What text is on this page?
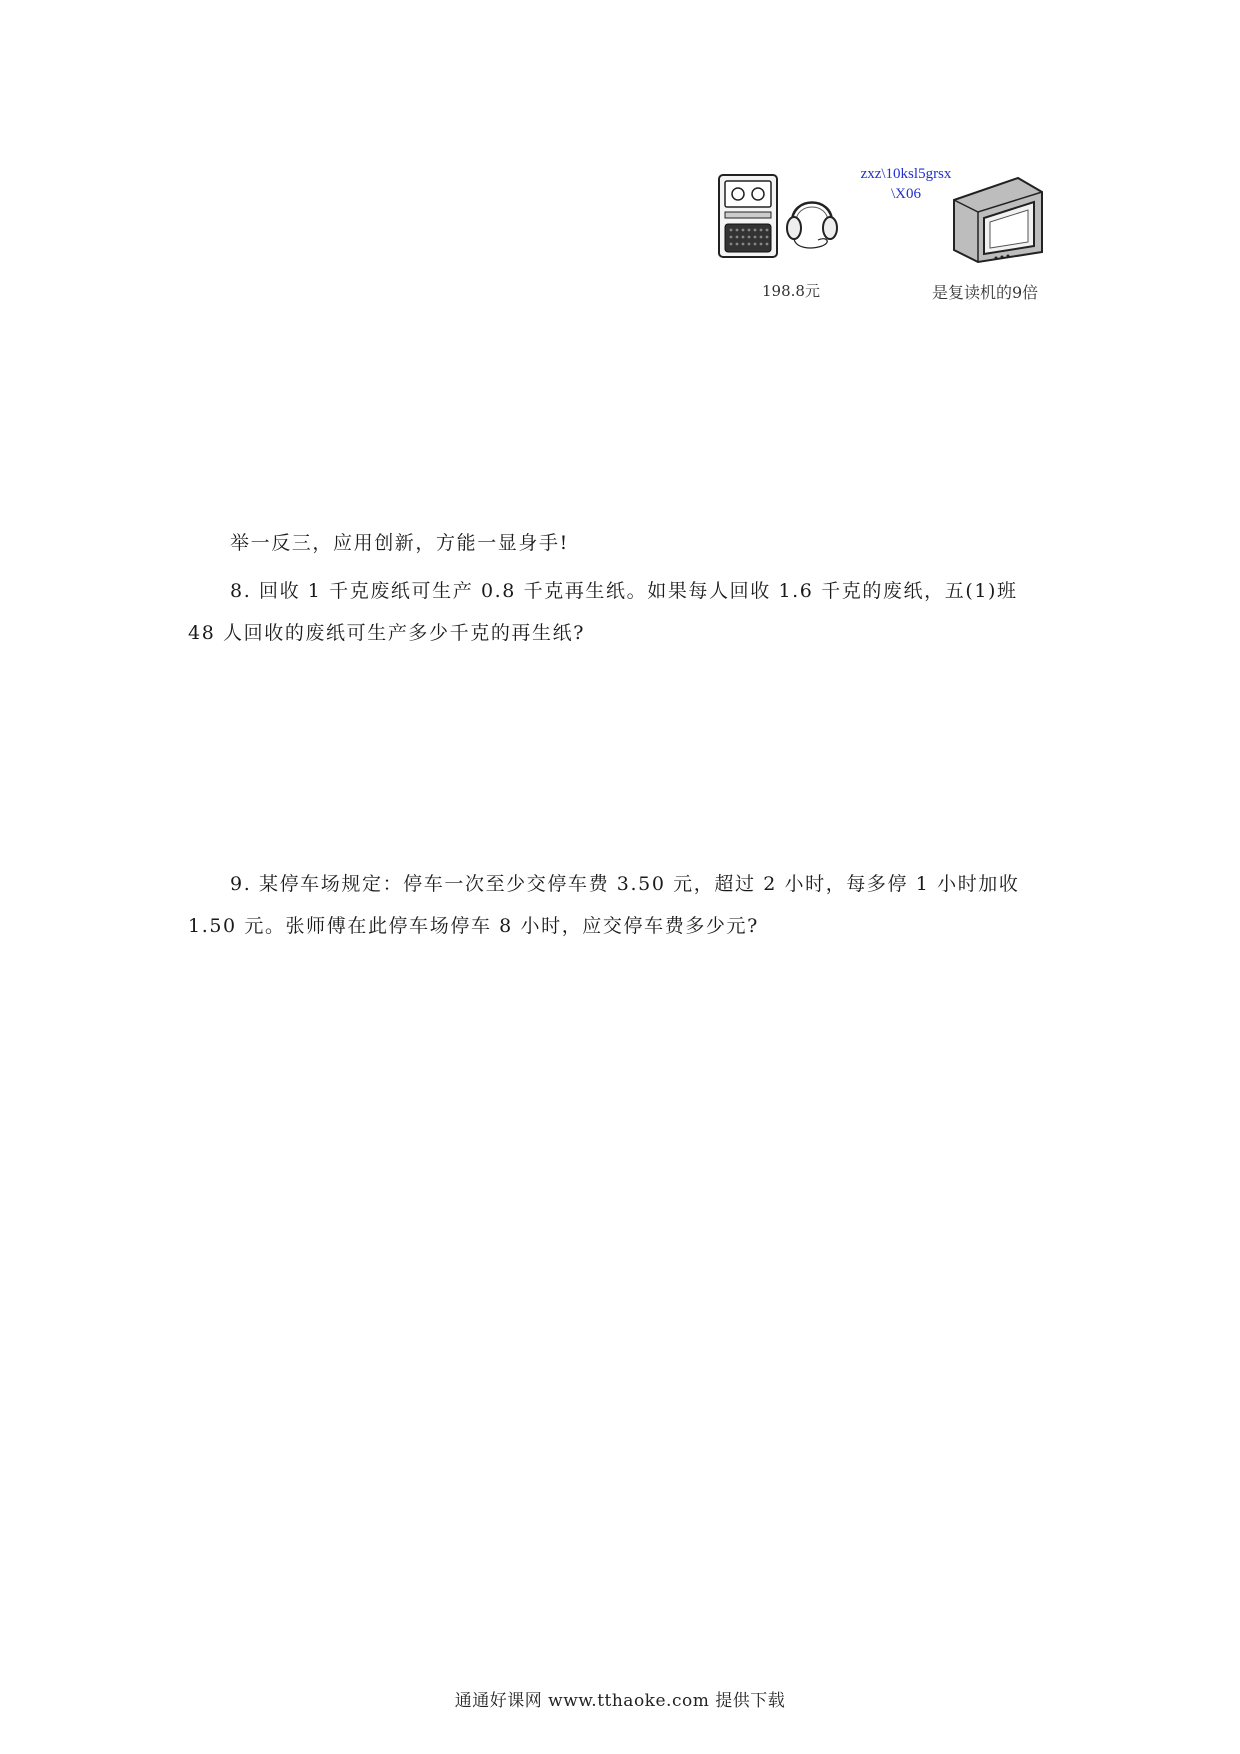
zxz\10ksl5grsx
\X06
198.8元	是复读机的9倍
举一反三，应用创新，方能一显身手!
8. 回收 1 千克废纸可生产 0.8 千克再生纸。如果每人回收 1.6 千克的废纸，五(1)班
48 人回收的废纸可生产多少千克的再生纸?
9. 某停车场规定：停车一次至少交停车费 3.50 元，超过 2 小时，每多停 1 小时加收
1.50 元。张师傅在此停车场停车 8 小时，应交停车费多少元?
通通好课网 www.tthaoke.com 提供下载
